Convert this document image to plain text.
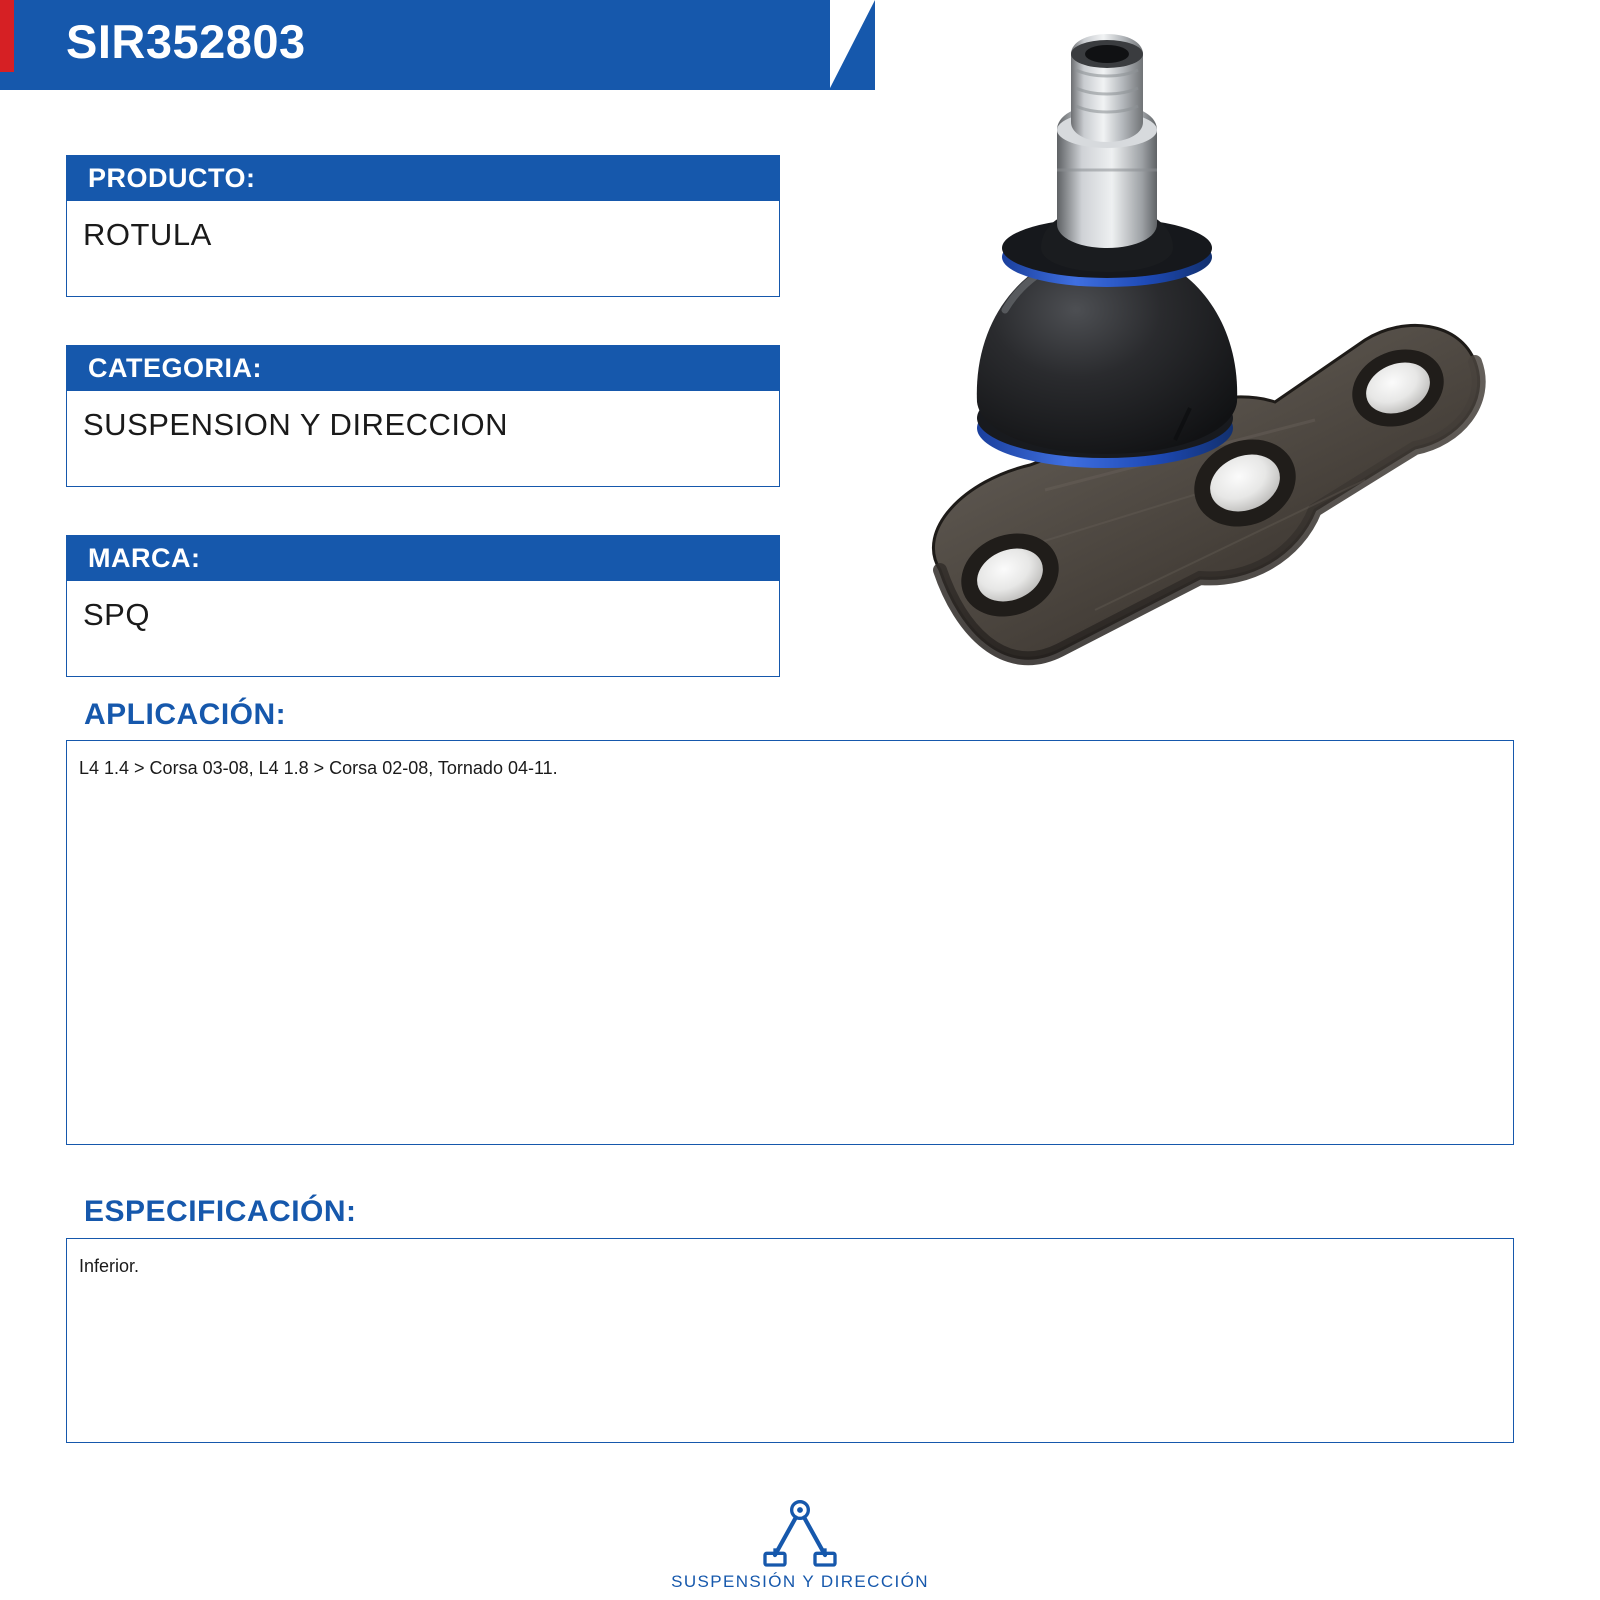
SIR352803
PRODUCTO:
ROTULA
CATEGORIA:
SUSPENSION Y DIRECCION
MARCA:
SPQ
APLICACIÓN:
L4 1.4 > Corsa 03-08, L4 1.8 > Corsa 02-08, Tornado 04-11.
ESPECIFICACIÓN:
Inferior.
SUSPENSIÓN Y DIRECCIÓN
